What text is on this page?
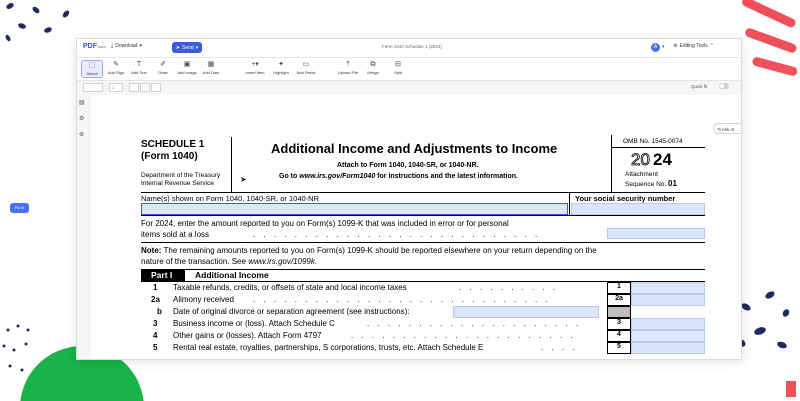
PDF.com ⤓ Download ▾	➤ Send ▾	Form 1040 Schedule 1 (2024)	A ▾ ⚙ Editing Tools ⌃
⬚
Select
✎
Add Sign
T
Add Text
✐
Draw
▣
Add Image
▦
Add Date
+▾
Insert Item
✦
Highlight
▭
Add Fields
⤒
Upload File
⧉
Merge
⊟
Split
1	Quick fit
▤
⚙
⊕
SCHEDULE 1
(Form 1040)
Department of the Treasury
Internal Revenue Service
Additional Income and Adjustments to Income
Attach to Form 1040, 1040-SR, or 1040-NR.
Go to www.irs.gov/Form1040 for instructions and the latest information.
OMB No. 1545-0074
20 24
Attachment
Sequence No. 01
Name(s) shown on Form 1040, 1040-SR, or 1040-NR	Your social security number
For 2024, enter the amount reported to you on Form(s) 1099-K that was included in error or for personal
items sold at a loss	. . . . . . . . . . . . . . . . . . . . . . . . . . . .
Note: The remaining amounts reported to you on Form(s) 1099-K should be reported elsewhere on your return depending on the
nature of the transaction. See www.irs.gov/1099k.
Part I	Additional Income
1 Taxable refunds, credits, or offsets of state and local income taxes	. . . . . . . . . .	1
2a Alimony received . . . . . . . . . . . . . . . . . . . . . . . . . . . . .	2a
b Date of original divorce or separation agreement (see instructions):
3 Business income or (loss). Attach Schedule C	. . . . . . . . . . . . . . . . . . . . .	3
4 Other gains or (losses). Attach Form 4797	. . . . . . . . . . . . . . . . . . . . . .	4
5 Rental real estate, royalties, partnerships, S corporations, trusts, etc. Attach Schedule E	. . . .	5
⟲ Ask AI
Fill In
➤
